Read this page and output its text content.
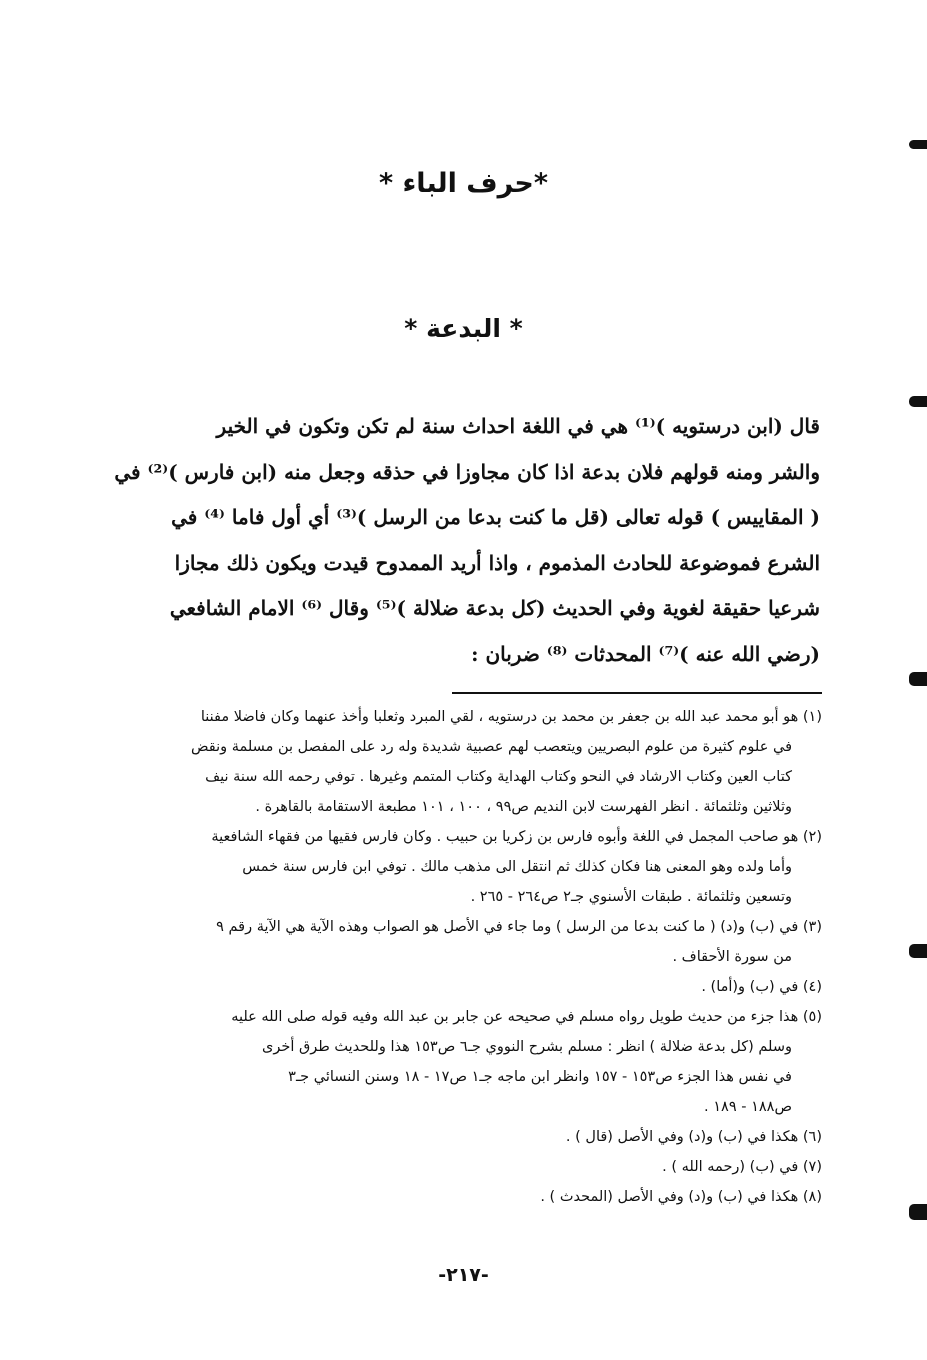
*حرف الباء *
* البدعة *
قال (ابن درستويه )⁽¹⁾ هي في اللغة احداث سنة لم تكن وتكون في الخير
والشر ومنه قولهم فلان بدعة اذا كان مجاوزا في حذقه وجعل منه (ابن فارس )⁽²⁾ في
( المقاييس ) قوله تعالى (قل ما كنت بدعا من الرسل )⁽³⁾ أي أول فاما ⁽⁴⁾ في
الشرع فموضوعة للحادث المذموم ، واذا أريد الممدوح قيدت ويكون ذلك مجازا
شرعيا حقيقة لغوية وفي الحديث (كل بدعة ضلالة )⁽⁵⁾ وقال ⁽⁶⁾ الامام الشافعي
(رضي الله عنه )⁽⁷⁾ المحدثات ⁽⁸⁾ ضربان :
(١) هو أبو محمد عبد الله بن جعفر بن محمد بن درستويه ، لقي المبرد وثعلبا وأخذ عنهما وكان فاضلا مفننا
في علوم كثيرة من علوم البصريين ويتعصب لهم عصبية شديدة وله رد على المفصل بن مسلمة ونقض
كتاب العين وكتاب الارشاد في النحو وكتاب الهداية وكتاب المتمم وغيرها . توفي رحمه الله سنة نيف
وثلاثين وثلثمائة . انظر الفهرست لابن النديم ص٩٩ ، ١٠٠ ، ١٠١ مطبعة الاستقامة بالقاهرة .
(٢) هو صاحب المجمل في اللغة وأبوه فارس بن زكريا بن حبيب . وكان فارس فقيها من فقهاء الشافعية
وأما ولده وهو المعنى هنا فكان كذلك ثم انتقل الى مذهب مالك . توفي ابن فارس سنة خمس
وتسعين وثلثمائة . طبقات الأسنوي جـ٢ ص٢٦٤ - ٢٦٥ .
(٣) في (ب) و(د) ( ما كنت بدعا من الرسل ) وما جاء في الأصل هو الصواب وهذه الآية هي الآية رقم ٩
من سورة الأحقاف .
(٤) في (ب) و(أما) .
(٥) هذا جزء من حديث طويل رواه مسلم في صحيحه عن جابر بن عبد الله وفيه قوله صلى الله عليه
وسلم (كل بدعة ضلالة ) انظر : مسلم بشرح النووي جـ٦ ص١٥٣ هذا وللحديث طرق أخرى
في نفس هذا الجزء ص١٥٣ - ١٥٧ وانظر ابن ماجه جـ١ ص١٧ - ١٨ وسنن النسائي جـ٣
ص١٨٨ - ١٨٩ .
(٦) هكذا في (ب) و(د) وفي الأصل (قال ) .
(٧) في (ب) (رحمه الله ) .
(٨) هكذا في (ب) و(د) وفي الأصل (المحدث ) .
-٢١٧-
